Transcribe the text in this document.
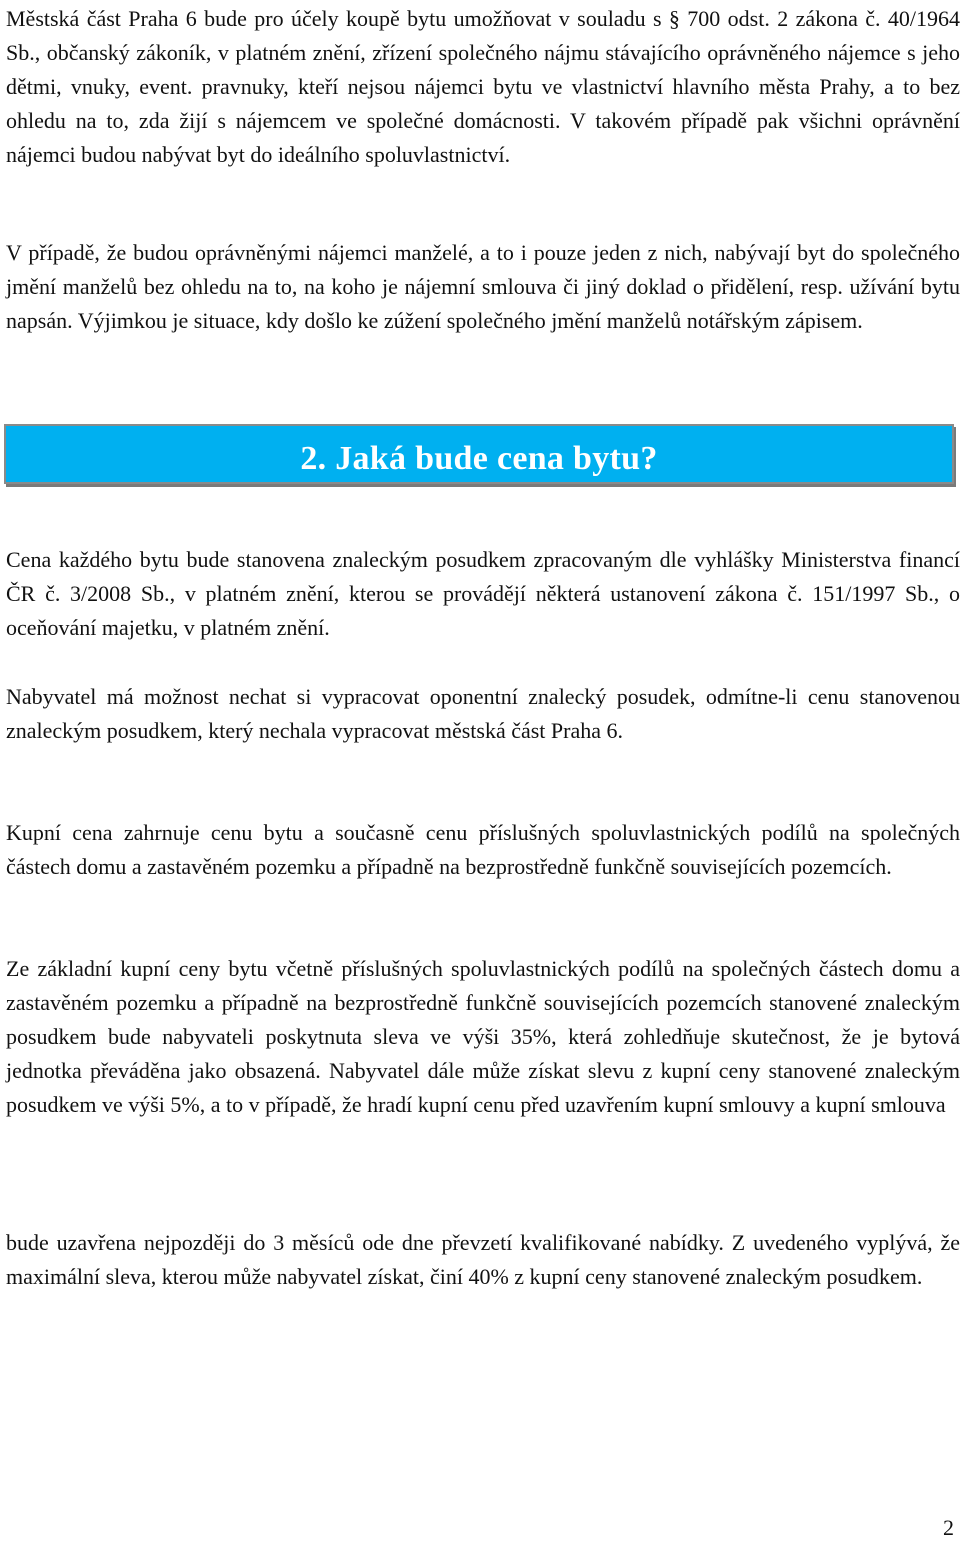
Městská část Praha 6 bude pro účely koupě bytu umožňovat v souladu s § 700 odst. 2 zákona č. 40/1964 Sb., občanský zákoník, v platném znění, zřízení společného nájmu stávajícího oprávněného nájemce s jeho dětmi, vnuky, event. pravnuky, kteří nejsou nájemci bytu ve vlastnictví hlavního města Prahy, a to bez ohledu na to, zda žijí s nájemcem ve společné domácnosti. V takovém případě pak všichni oprávnění nájemci budou nabývat byt do ideálního spoluvlastnictví.

V případě, že budou oprávněnými nájemci manželé, a to i pouze jeden z nich, nabývají byt do společného jmění manželů bez ohledu na to, na koho je nájemní smlouva či jiný doklad o přidělení, resp. užívání bytu napsán. Výjimkou je situace, kdy došlo ke zúžení společného jmění manželů notářským zápisem.

2. Jaká bude cena bytu?

Cena každého bytu bude stanovena znaleckým posudkem zpracovaným dle vyhlášky Ministerstva financí ČR č. 3/2008 Sb., v platném znění, kterou se provádějí některá ustanovení zákona č. 151/1997 Sb., o oceňování majetku, v platném znění.

Nabyvatel má možnost nechat si vypracovat oponentní znalecký posudek, odmítne-li cenu stanovenou znaleckým posudkem, který nechala vypracovat městská část Praha 6.

Kupní cena zahrnuje cenu bytu a současně cenu příslušných spoluvlastnických podílů na společných částech domu a zastavěném pozemku a případně na bezprostředně funkčně souvisejících pozemcích.

Ze základní kupní ceny bytu včetně příslušných spoluvlastnických podílů na společných částech domu a zastavěném pozemku a případně na bezprostředně funkčně souvisejících pozemcích stanovené znaleckým posudkem bude nabyvateli poskytnuta sleva ve výši 35%, která zohledňuje skutečnost, že je bytová jednotka převáděna jako obsazená. Nabyvatel dále může získat slevu z kupní ceny stanovené znaleckým posudkem ve výši 5%, a to v případě, že hradí kupní cenu před uzavřením kupní smlouvy a kupní smlouva

bude uzavřena nejpozději do 3 měsíců ode dne převzetí kvalifikované nabídky. Z uvedeného vyplývá, že maximální sleva, kterou může nabyvatel získat, činí 40% z kupní ceny stanovené znaleckým posudkem.

2
